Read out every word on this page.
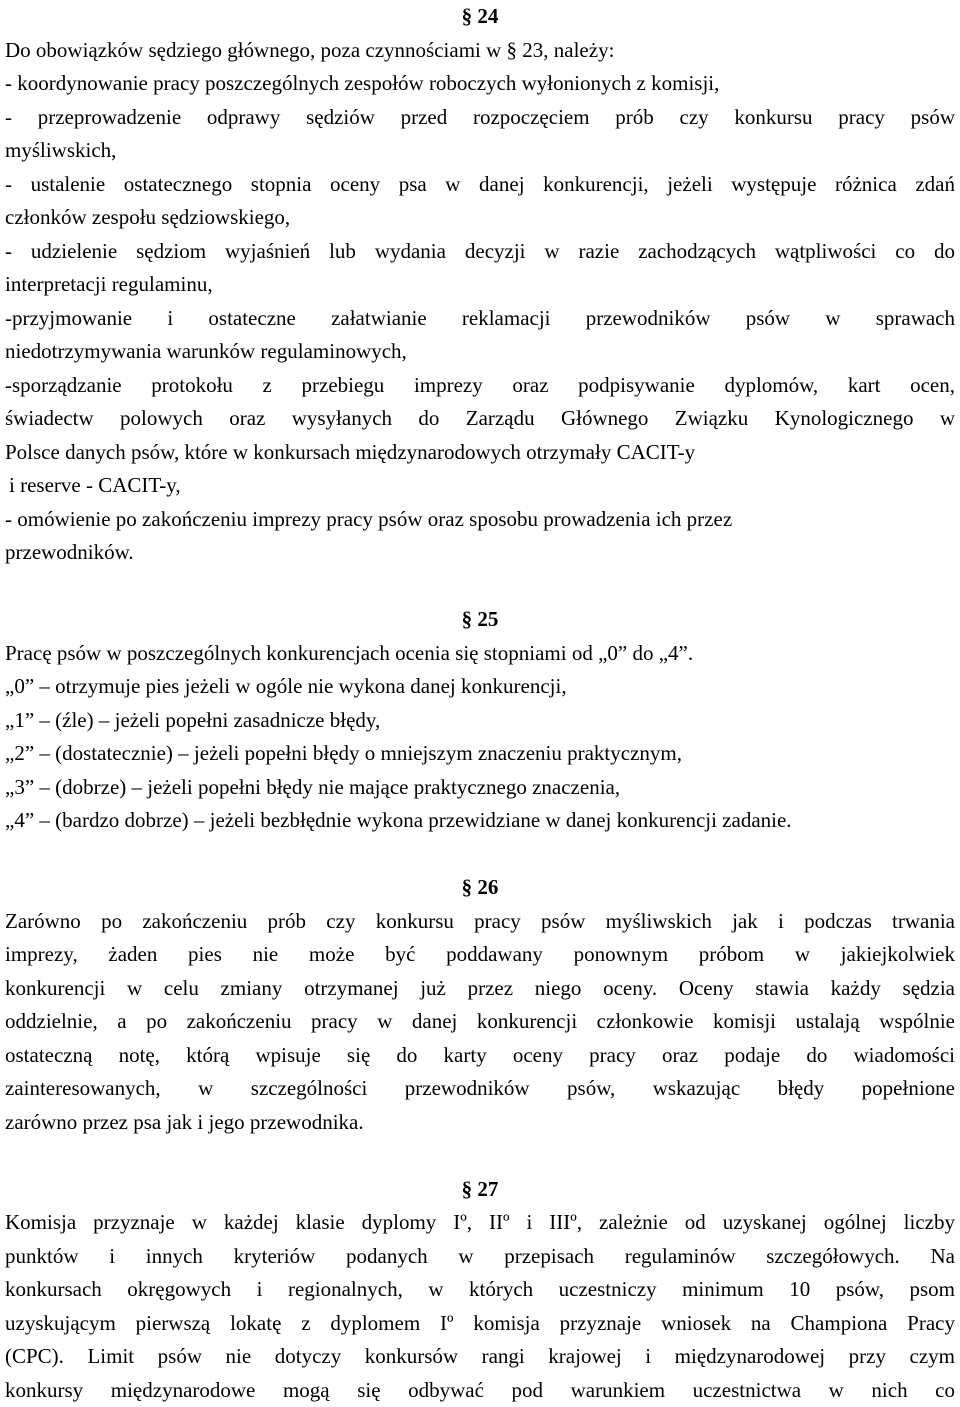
§ 24
Do obowiązków sędziego głównego, poza czynnościami w § 23, należy:
- koordynowanie pracy poszczególnych zespołów roboczych wyłonionych z komisji,
- przeprowadzenie odprawy sędziów przed rozpoczęciem prób czy konkursu pracy psów
myśliwskich,
- ustalenie ostatecznego stopnia oceny psa w danej konkurencji, jeżeli występuje różnica zdań
członków zespołu sędziowskiego,
- udzielenie sędziom wyjaśnień lub wydania decyzji w razie zachodzących wątpliwości co do
interpretacji regulaminu,
-przyjmowanie i ostateczne załatwianie reklamacji przewodników psów w sprawach
niedotrzymywania warunków regulaminowych,
-sporządzanie protokołu z przebiegu imprezy oraz podpisywanie dyplomów, kart ocen,
świadectw polowych oraz wysyłanych do Zarządu Głównego Związku Kynologicznego w
Polsce danych psów, które w konkursach międzynarodowych otrzymały CACIT-y
i reserve - CACIT-y,
- omówienie po zakończeniu imprezy pracy psów oraz sposobu prowadzenia ich przez
przewodników.
§ 25
Pracę psów w poszczególnych konkurencjach ocenia się stopniami od „0” do „4”.
„0” – otrzymuje pies jeżeli w ogóle nie wykona danej konkurencji,
„1” – (źle) – jeżeli popełni zasadnicze błędy,
„2” – (dostatecznie) – jeżeli popełni błędy o mniejszym znaczeniu praktycznym,
„3” – (dobrze) – jeżeli popełni błędy nie mające praktycznego znaczenia,
„4” – (bardzo dobrze) – jeżeli bezbłędnie wykona przewidziane w danej konkurencji zadanie.
§ 26
Zarówno po zakończeniu prób czy konkursu pracy psów myśliwskich jak i podczas trwania
imprezy, żaden pies nie może być poddawany ponownym próbom w jakiejkolwiek
konkurencji w celu zmiany otrzymanej już przez niego oceny. Oceny stawia każdy sędzia
oddzielnie, a po zakończeniu pracy w danej konkurencji członkowie komisji ustalają wspólnie
ostateczną notę, którą wpisuje się do karty oceny pracy oraz podaje do wiadomości
zainteresowanych, w szczególności przewodników psów, wskazując błędy popełnione
zarówno przez psa jak i jego przewodnika.
§ 27
Komisja przyznaje w każdej klasie dyplomy Iº, IIº i IIIº, zależnie od uzyskanej ogólnej liczby
punktów i innych kryteriów podanych w przepisach regulaminów szczegółowych. Na
konkursach okręgowych i regionalnych, w których uczestniczy minimum 10 psów, psom
uzyskującym pierwszą lokatę z dyplomem Iº komisja przyznaje wniosek na Championa Pracy
(CPC). Limit psów nie dotyczy konkursów rangi krajowej i międzynarodowej przy czym
konkursy międzynarodowe mogą się odbywać pod warunkiem uczestnictwa w nich co
